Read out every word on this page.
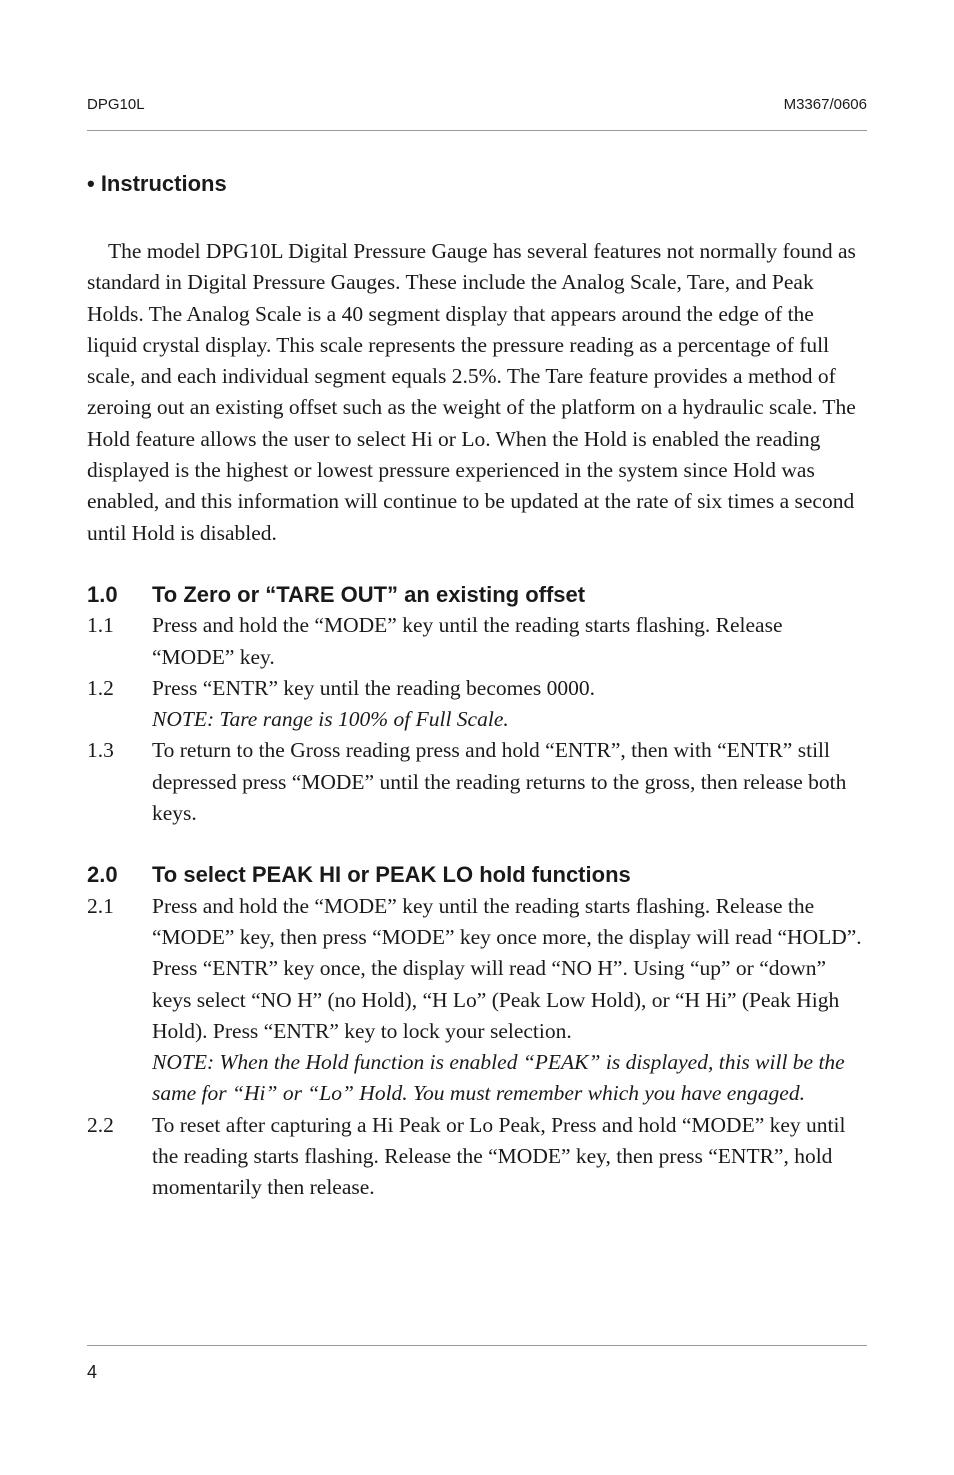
DPG10L	M3367/0606
• Instructions

The model DPG10L Digital Pressure Gauge has several features not normally found as standard in Digital Pressure Gauges. These include the Analog Scale, Tare, and Peak Holds. The Analog Scale is a 40 segment display that appears around the edge of the liquid crystal display. This scale represents the pressure reading as a percentage of full scale, and each individual segment equals 2.5%. The Tare feature provides a method of zeroing out an existing offset such as the weight of the platform on a hydraulic scale. The Hold feature allows the user to select Hi or Lo. When the Hold is enabled the reading displayed is the highest or lowest pressure experienced in the system since Hold was enabled, and this information will continue to be updated at the rate of six times a second until Hold is disabled.

1.0	To Zero or “TARE OUT” an existing offset
1.1	Press and hold the “MODE” key until the reading starts flashing. Release “MODE” key.
1.2	Press “ENTR” key until the reading becomes 0000.
NOTE: Tare range is 100% of Full Scale.
1.3	To return to the Gross reading press and hold “ENTR”, then with “ENTR” still depressed press “MODE” until the reading returns to the gross, then release both keys.
2.0	To select PEAK HI or PEAK LO hold functions
2.1	Press and hold the “MODE” key until the reading starts flashing. Release the “MODE” key, then press “MODE” key once more, the display will read “HOLD”. Press “ENTR” key once, the display will read “NO H”. Using “up” or “down” keys select “NO H” (no Hold), “H Lo” (Peak Low Hold), or “H Hi” (Peak High Hold). Press “ENTR” key to lock your selection.
NOTE: When the Hold function is enabled “PEAK” is displayed, this will be the same for “Hi” or “Lo” Hold. You must remember which you have engaged.
2.2	To reset after capturing a Hi Peak or Lo Peak, Press and hold “MODE” key until the reading starts flashing. Release the “MODE” key, then press “ENTR”, hold momentarily then release.
4
